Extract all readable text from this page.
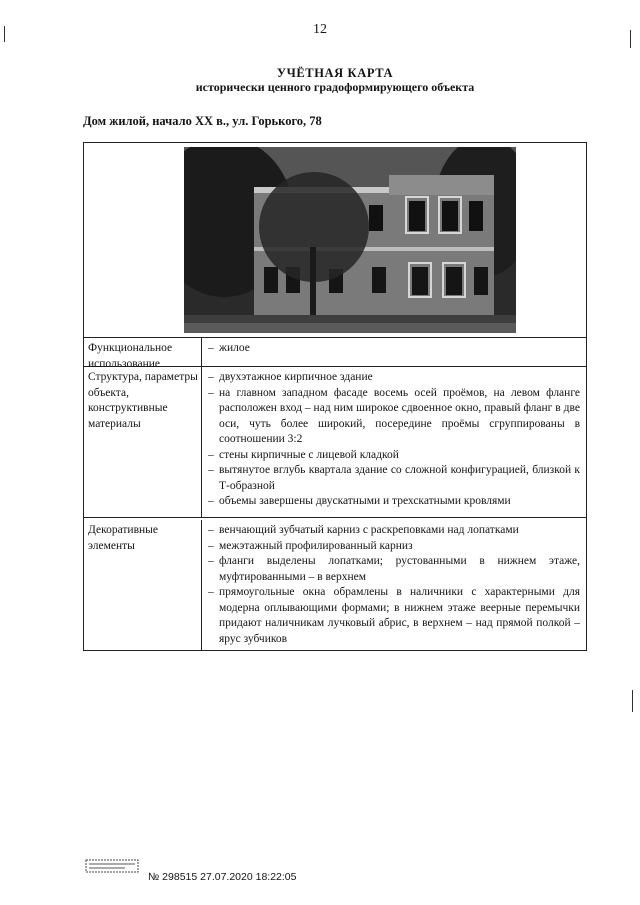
12
УЧЁТНАЯ КАРТА
исторически ценного градоформирующего объекта
Дом жилой, начало XX в., ул. Горького, 78
Функциональное использование
– жилое
Структура, параметры объекта, конструктивные материалы
– двухэтажное кирпичное здание
– на главном западном фасаде восемь осей проёмов, на левом фланге расположен вход – над ним широкое сдвоенное окно, правый фланг в две оси, чуть более широкий, посередине проёмы сгруппированы в соотношении 3:2
– стены кирпичные с лицевой кладкой
– вытянутое вглубь квартала здание со сложной конфигурацией, близкой к Т-образной
– объемы завершены двускатными и трехскатными кровлями
Декоративные элементы
– венчающий зубчатый карниз с раскреповками над лопатками
– межэтажный профилированный карниз
– фланги выделены лопатками; рустованными в нижнем этаже, муфтированными – в верхнем
– прямоугольные окна обрамлены в наличники с характерными для модерна оплывающими формами; в нижнем этаже веерные перемычки придают наличникам лучковый абрис, в верхнем – над прямой полкой – ярус зубчиков
№ 298515 27.07.2020 18:22:05
